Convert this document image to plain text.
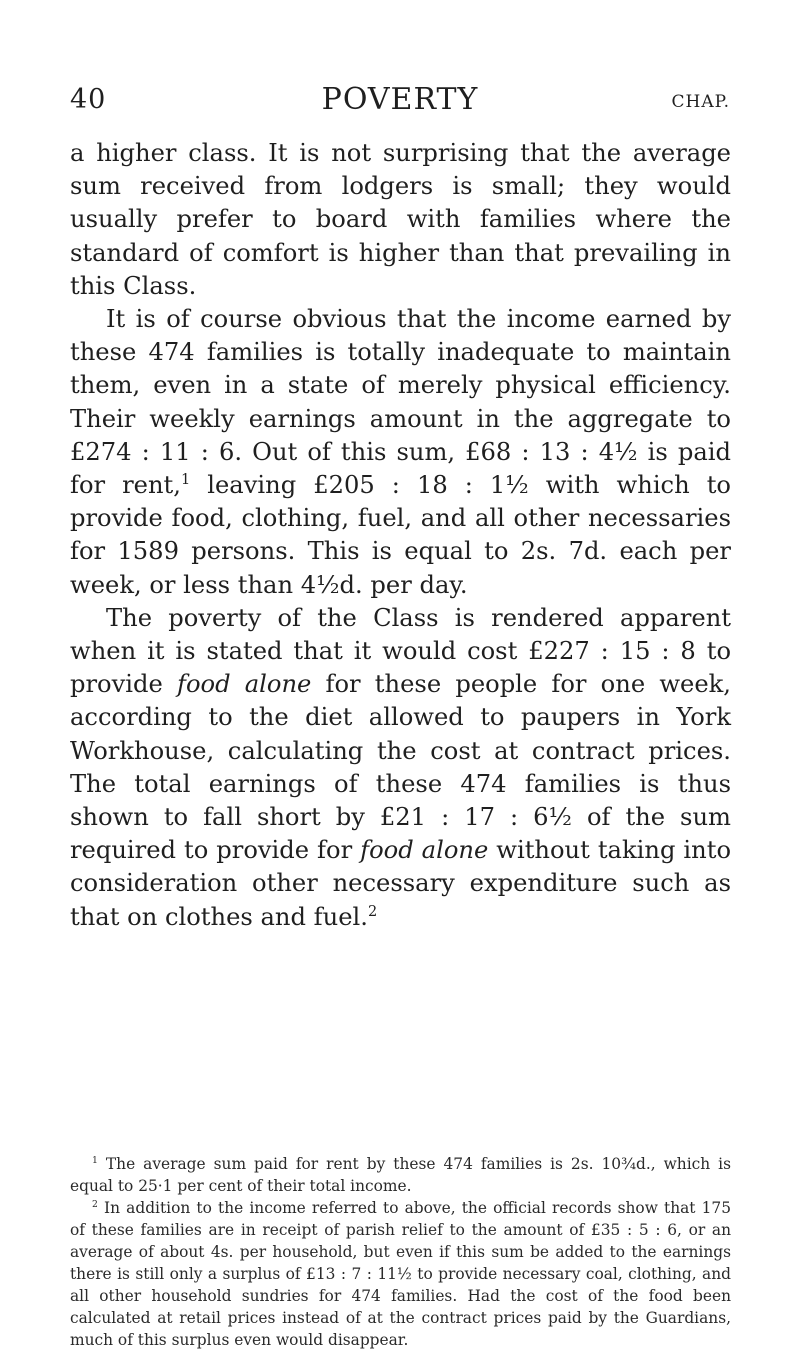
40	POVERTY	CHAP.

a higher class. It is not surprising that the average sum received from lodgers is small; they would usually prefer to board with families where the standard of comfort is higher than that prevailing in this Class.

It is of course obvious that the income earned by these 474 families is totally inadequate to maintain them, even in a state of merely physical efficiency. Their weekly earnings amount in the aggregate to £274 : 11 : 6. Out of this sum, £68 : 13 : 4½ is paid for rent,$^1$ leaving £205 : 18 : 1½ with which to provide food, clothing, fuel, and all other necessaries for 1589 persons. This is equal to 2s. 7d. each per week, or less than 4½d. per day.

The poverty of the Class is rendered apparent when it is stated that it would cost £227 : 15 : 8 to provide food alone for these people for one week, according to the diet allowed to paupers in York Workhouse, calculating the cost at contract prices. The total earnings of these 474 families is thus shown to fall short by £21 : 17 : 6½ of the sum required to provide for food alone without taking into consideration other necessary expenditure such as that on clothes and fuel.$^2$

$^1$ The average sum paid for rent by these 474 families is 2s. 10¾d., which is equal to 25·1 per cent of their total income.

$^2$ In addition to the income referred to above, the official records show that 175 of these families are in receipt of parish relief to the amount of £35 : 5 : 6, or an average of about 4s. per household, but even if this sum be added to the earnings there is still only a surplus of £13 : 7 : 11½ to provide necessary coal, clothing, and all other household sundries for 474 families. Had the cost of the food been calculated at retail prices instead of at the contract prices paid by the Guardians, much of this surplus even would disappear.
